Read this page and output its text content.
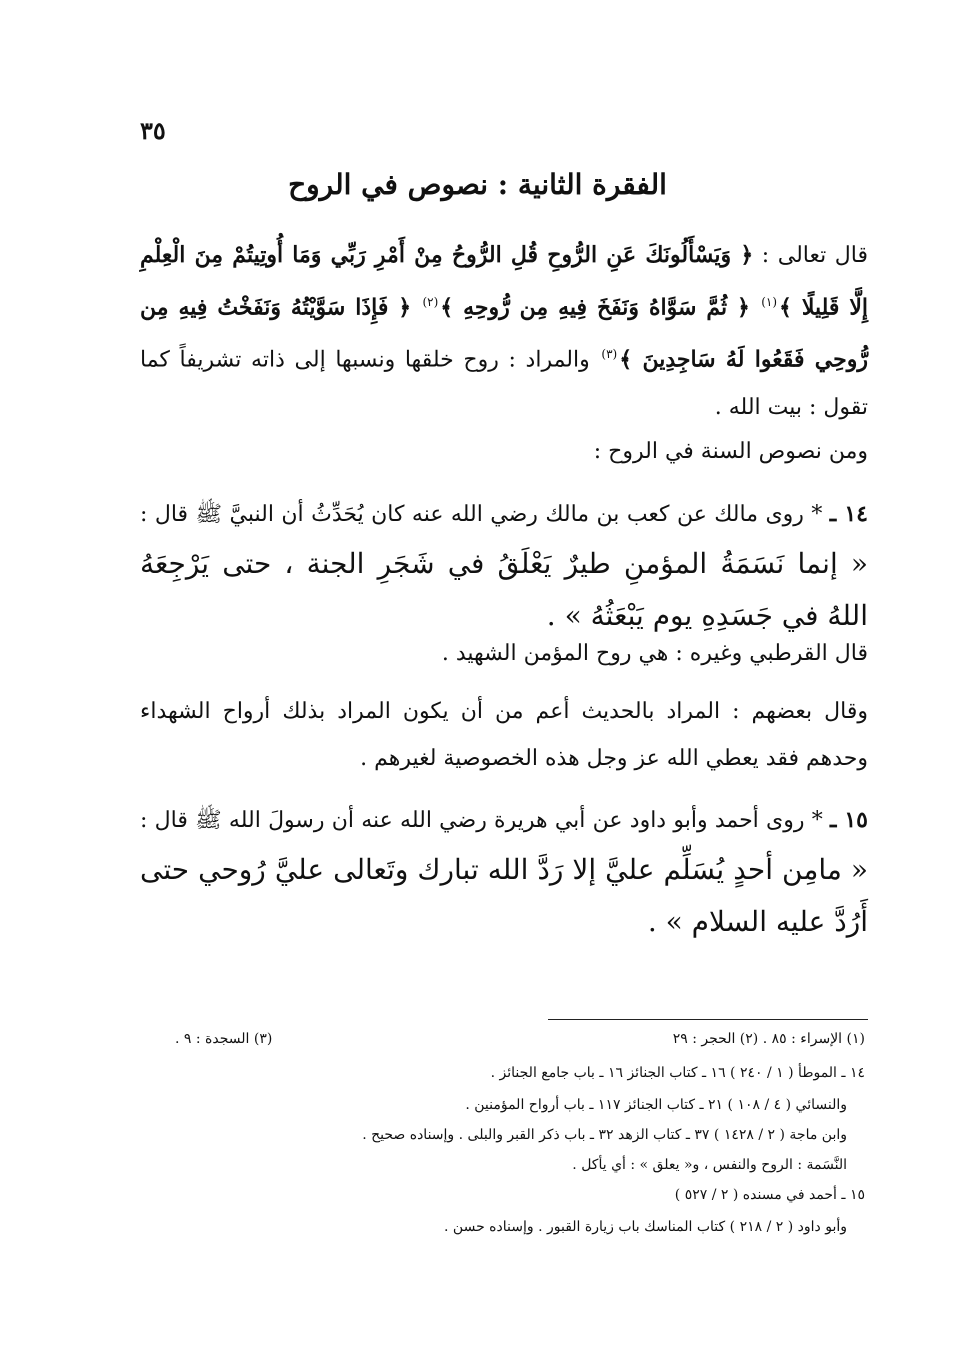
٣٥
الفقرة الثانية : نصوص في الروح
قال تعالى : ﴿ وَيَسْأَلُونَكَ عَنِ الرُّوحِ قُلِ الرُّوحُ مِنْ أَمْرِ رَبِّي وَمَا أُوتِيتُمْ مِنَ الْعِلْمِ إِلَّا قَلِيلًا ﴾$^{(١)}$ ﴿ ثُمَّ سَوَّاهُ وَنَفَخَ فِيهِ مِن رُّوحِهِ ﴾$^{(٢)}$ ﴿ فَإِذَا سَوَّيْتُهُ وَنَفَخْتُ فِيهِ مِن رُّوحِي فَقَعُوا لَهُ سَاجِدِينَ ﴾$^{(٣)}$ والمراد : روح خلقها ونسبها إلى ذاته تشريفاً كما تقول : بيت الله .
ومن نصوص السنة في الروح :
١٤ ـ * روى مالك عن كعب بن مالك رضي الله عنه كان يُحَدِّثُ أن النبيَّ ﷺ قال : « إنما نَسَمَةُ المؤمنِ طيرٌ يَعْلَقُ في شَجَرِ الجنة ، حتى يَرْجِعَهُ اللهُ في جَسَدِهِ يوم يَبْعَثُهُ » .
قال القرطبي وغيره : هي روح المؤمن الشهيد .
وقال بعضهم : المراد بالحديث أعم من أن يكون المراد بذلك أرواح الشهداء وحدهم فقد يعطي الله عز وجل هذه الخصوصية لغيرهم .
١٥ ـ * روى أحمد وأبو داود عن أبي هريرة رضي الله عنه أن رسولَ الله ﷺ قال : « مامِن أحدٍ يُسَلِّم عليَّ إلا رَدَّ الله تبارك وتَعالى عليَّ رُوحي حتى أَرُدَّ عليه السلام » .
(١) الإسراء : ٨٥ . (٢) الحجر : ٢٩
(٣) السجدة : ٩ .
١٤ ـ الموطأ ( ١ / ٢٤٠ ) ١٦ ـ كتاب الجنائز ١٦ ـ باب جامع الجنائز .
والنسائي ( ٤ / ١٠٨ ) ٢١ ـ كتاب الجنائز ١١٧ ـ باب أرواح المؤمنين .
وابن ماجة ( ٢ / ١٤٢٨ ) ٣٧ ـ كتاب الزهد ٣٢ ـ باب ذكر القبر والبلى . وإسناده صحيح .
النَّسَمة : الروح والنفس ، و« يعلق » : أي يأكل .
١٥ ـ أحمد في مسنده ( ٢ / ٥٢٧ )
وأبو داود ( ٢ / ٢١٨ ) كتاب المناسك باب زيارة القبور . وإسناده حسن .
